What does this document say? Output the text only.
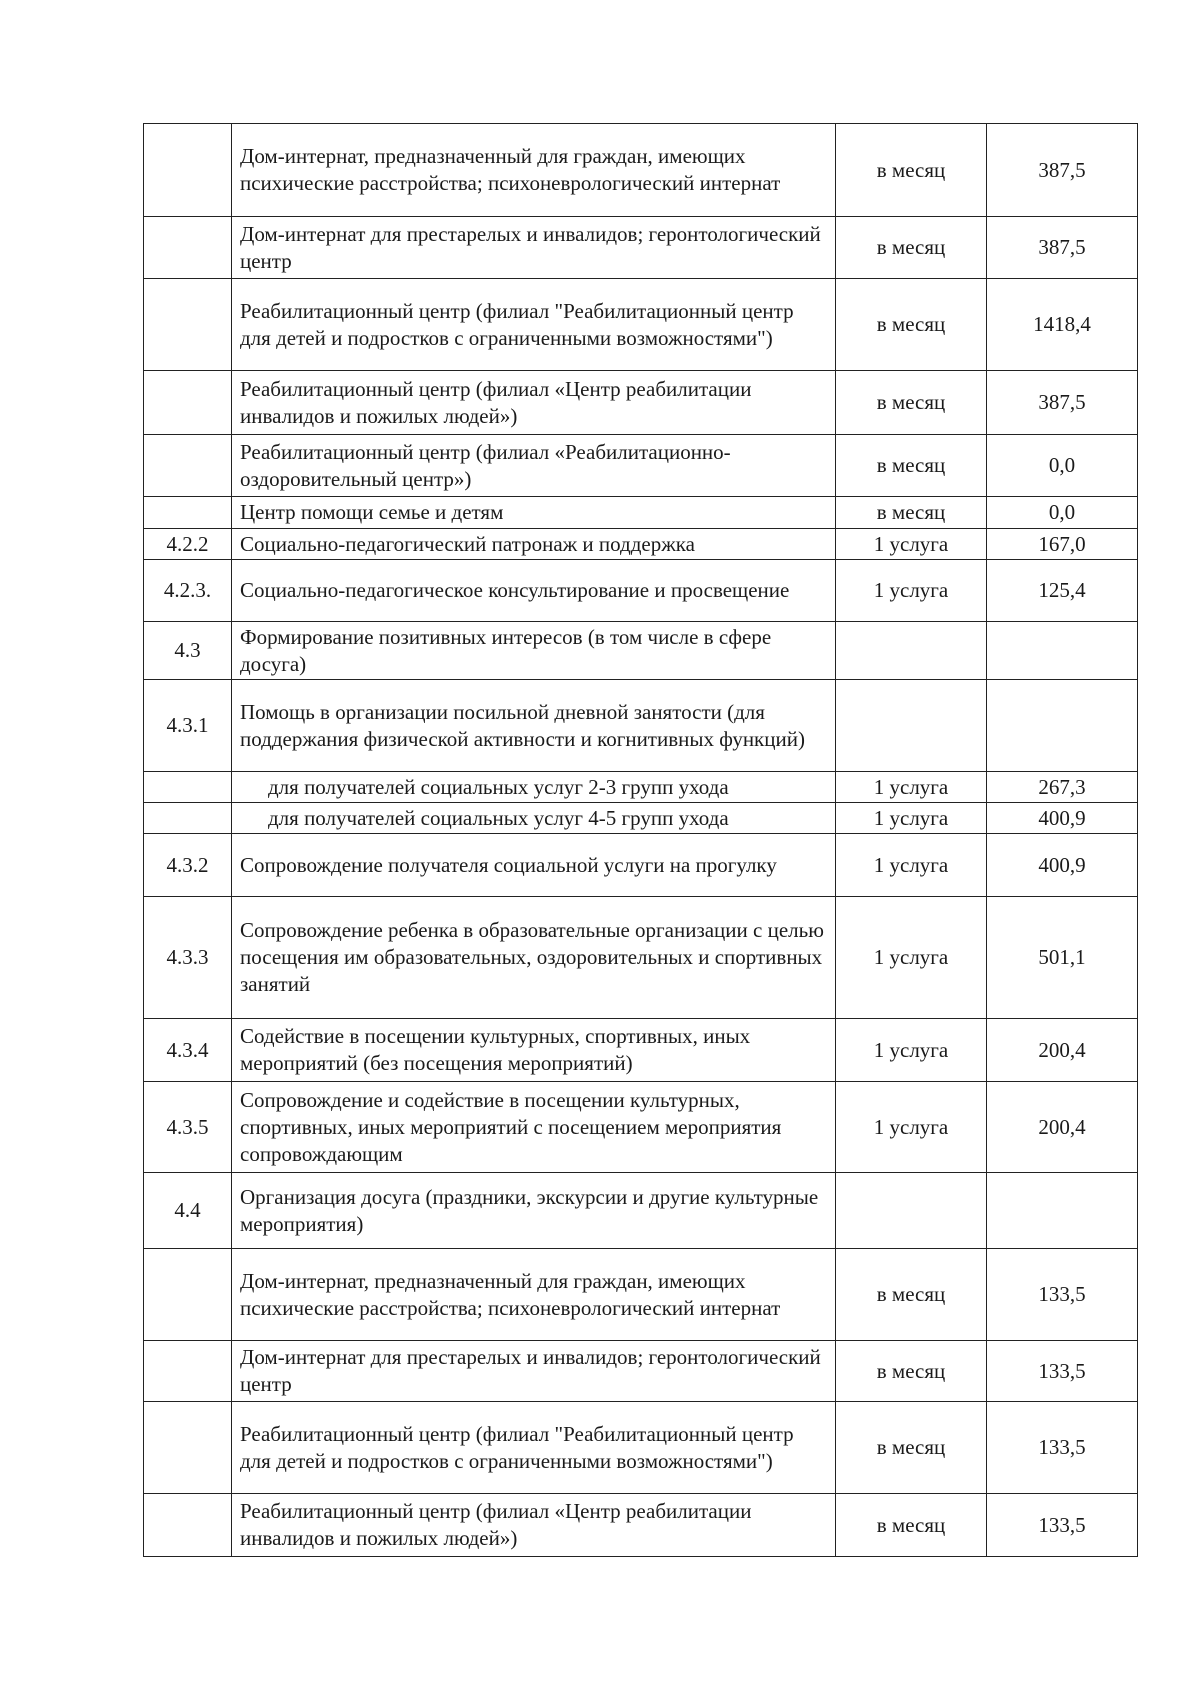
	Дом-интернат, предназначенный для граждан, имеющих психические расстройства; психоневрологический интернат	в месяц	387,5
	Дом-интернат для престарелых и инвалидов; геронтологический центр	в месяц	387,5
	Реабилитационный центр (филиал "Реабилитационный центр для детей и подростков с ограниченными возможностями")	в месяц	1418,4
	Реабилитационный центр (филиал «Центр реабилитации инвалидов и пожилых людей»)	в месяц	387,5
	Реабилитационный центр (филиал «Реабилитационно-оздоровительный центр»)	в месяц	0,0
	Центр помощи семье и детям	в месяц	0,0
4.2.2	Социально-педагогический патронаж и поддержка	1 услуга	167,0
4.2.3.	Социально-педагогическое консультирование и просвещение	1 услуга	125,4
4.3	Формирование позитивных интересов (в том числе в сфере досуга)		
4.3.1	Помощь в организации посильной дневной занятости (для поддержания физической активности и когнитивных функций)		
	для получателей социальных услуг 2-3 групп ухода	1 услуга	267,3
	для получателей социальных услуг 4-5 групп ухода	1 услуга	400,9
4.3.2	Сопровождение получателя социальной услуги на прогулку	1 услуга	400,9
4.3.3	Сопровождение ребенка в образовательные организации с целью посещения им образовательных, оздоровительных и спортивных занятий	1 услуга	501,1
4.3.4	Содействие в посещении культурных, спортивных, иных мероприятий (без посещения мероприятий)	1 услуга	200,4
4.3.5	Сопровождение и содействие в посещении культурных, спортивных, иных мероприятий с посещением мероприятия сопровождающим	1 услуга	200,4
4.4	Организация досуга (праздники, экскурсии и другие культурные мероприятия)		
	Дом-интернат, предназначенный для граждан, имеющих психические расстройства; психоневрологический интернат	в месяц	133,5
	Дом-интернат для престарелых и инвалидов; геронтологический центр	в месяц	133,5
	Реабилитационный центр (филиал "Реабилитационный центр для детей и подростков с ограниченными возможностями")	в месяц	133,5
	Реабилитационный центр (филиал «Центр реабилитации инвалидов и пожилых людей»)	в месяц	133,5
